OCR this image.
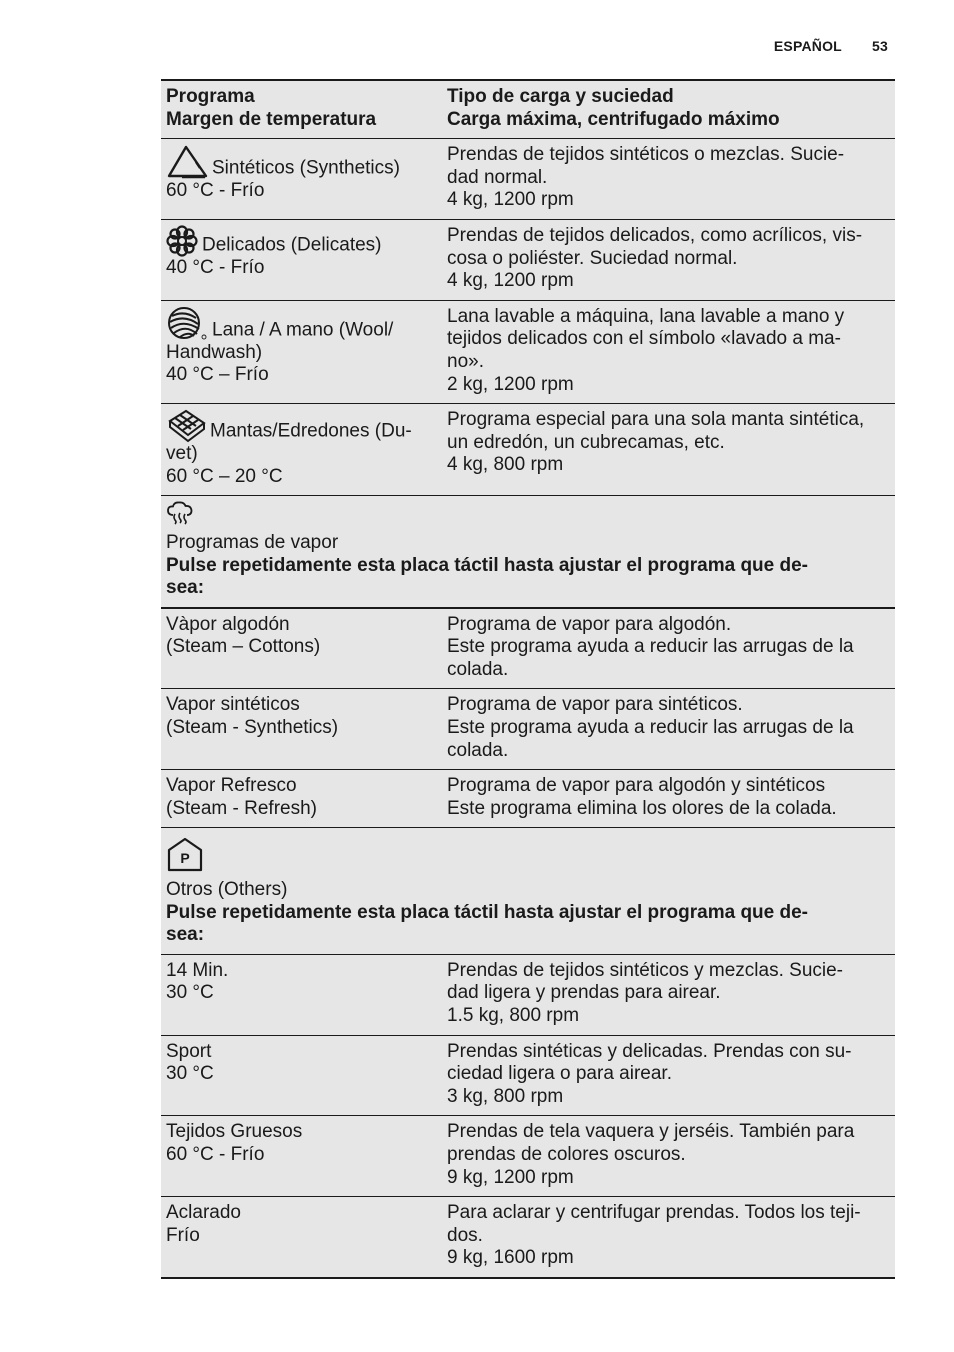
ESPAÑOL 53
Programa
Margen de temperatura
Tipo de carga y suciedad
Carga máxima, centrifugado máximo
Sintéticos (Synthetics)
60 °C - Frío
Prendas de tejidos sintéticos o mezclas. Sucie-
dad normal.
4 kg, 1200 rpm
Delicados (Delicates)
40 °C - Frío
Prendas de tejidos delicados, como acrílicos, vis-
cosa o poliéster. Suciedad normal.
4 kg, 1200 rpm
Lana / A mano (Wool/
Handwash)
40 °C – Frío
Lana lavable a máquina, lana lavable a mano y
tejidos delicados con el símbolo «lavado a ma-
no».
2 kg, 1200 rpm
Mantas/Edredones (Du-
vet)
60 °C – 20 °C
Programa especial para una sola manta sintética,
un edredón, un cubrecamas, etc.
4 kg, 800 rpm
Programas de vapor
Pulse repetidamente esta placa táctil hasta ajustar el programa que de-
sea:
Vàpor algodón
(Steam – Cottons)
Programa de vapor para algodón.
Este programa ayuda a reducir las arrugas de la
colada.
Vapor sintéticos
(Steam - Synthetics)
Programa de vapor para sintéticos.
Este programa ayuda a reducir las arrugas de la
colada.
Vapor Refresco
(Steam - Refresh)
Programa de vapor para algodón y sintéticos
Este programa elimina los olores de la colada.
P
Otros (Others)
Pulse repetidamente esta placa táctil hasta ajustar el programa que de-
sea:
14 Min.
30 °C
Prendas de tejidos sintéticos y mezclas. Sucie-
dad ligera y prendas para airear.
1.5 kg, 800 rpm
Sport
30 °C
Prendas sintéticas y delicadas. Prendas con su-
ciedad ligera o para airear.
3 kg, 800 rpm
Tejidos Gruesos
60 °C - Frío
Prendas de tela vaquera y jerséis. También para
prendas de colores oscuros.
9 kg, 1200 rpm
Aclarado
Frío
Para aclarar y centrifugar prendas. Todos los teji-
dos.
9 kg, 1600 rpm
